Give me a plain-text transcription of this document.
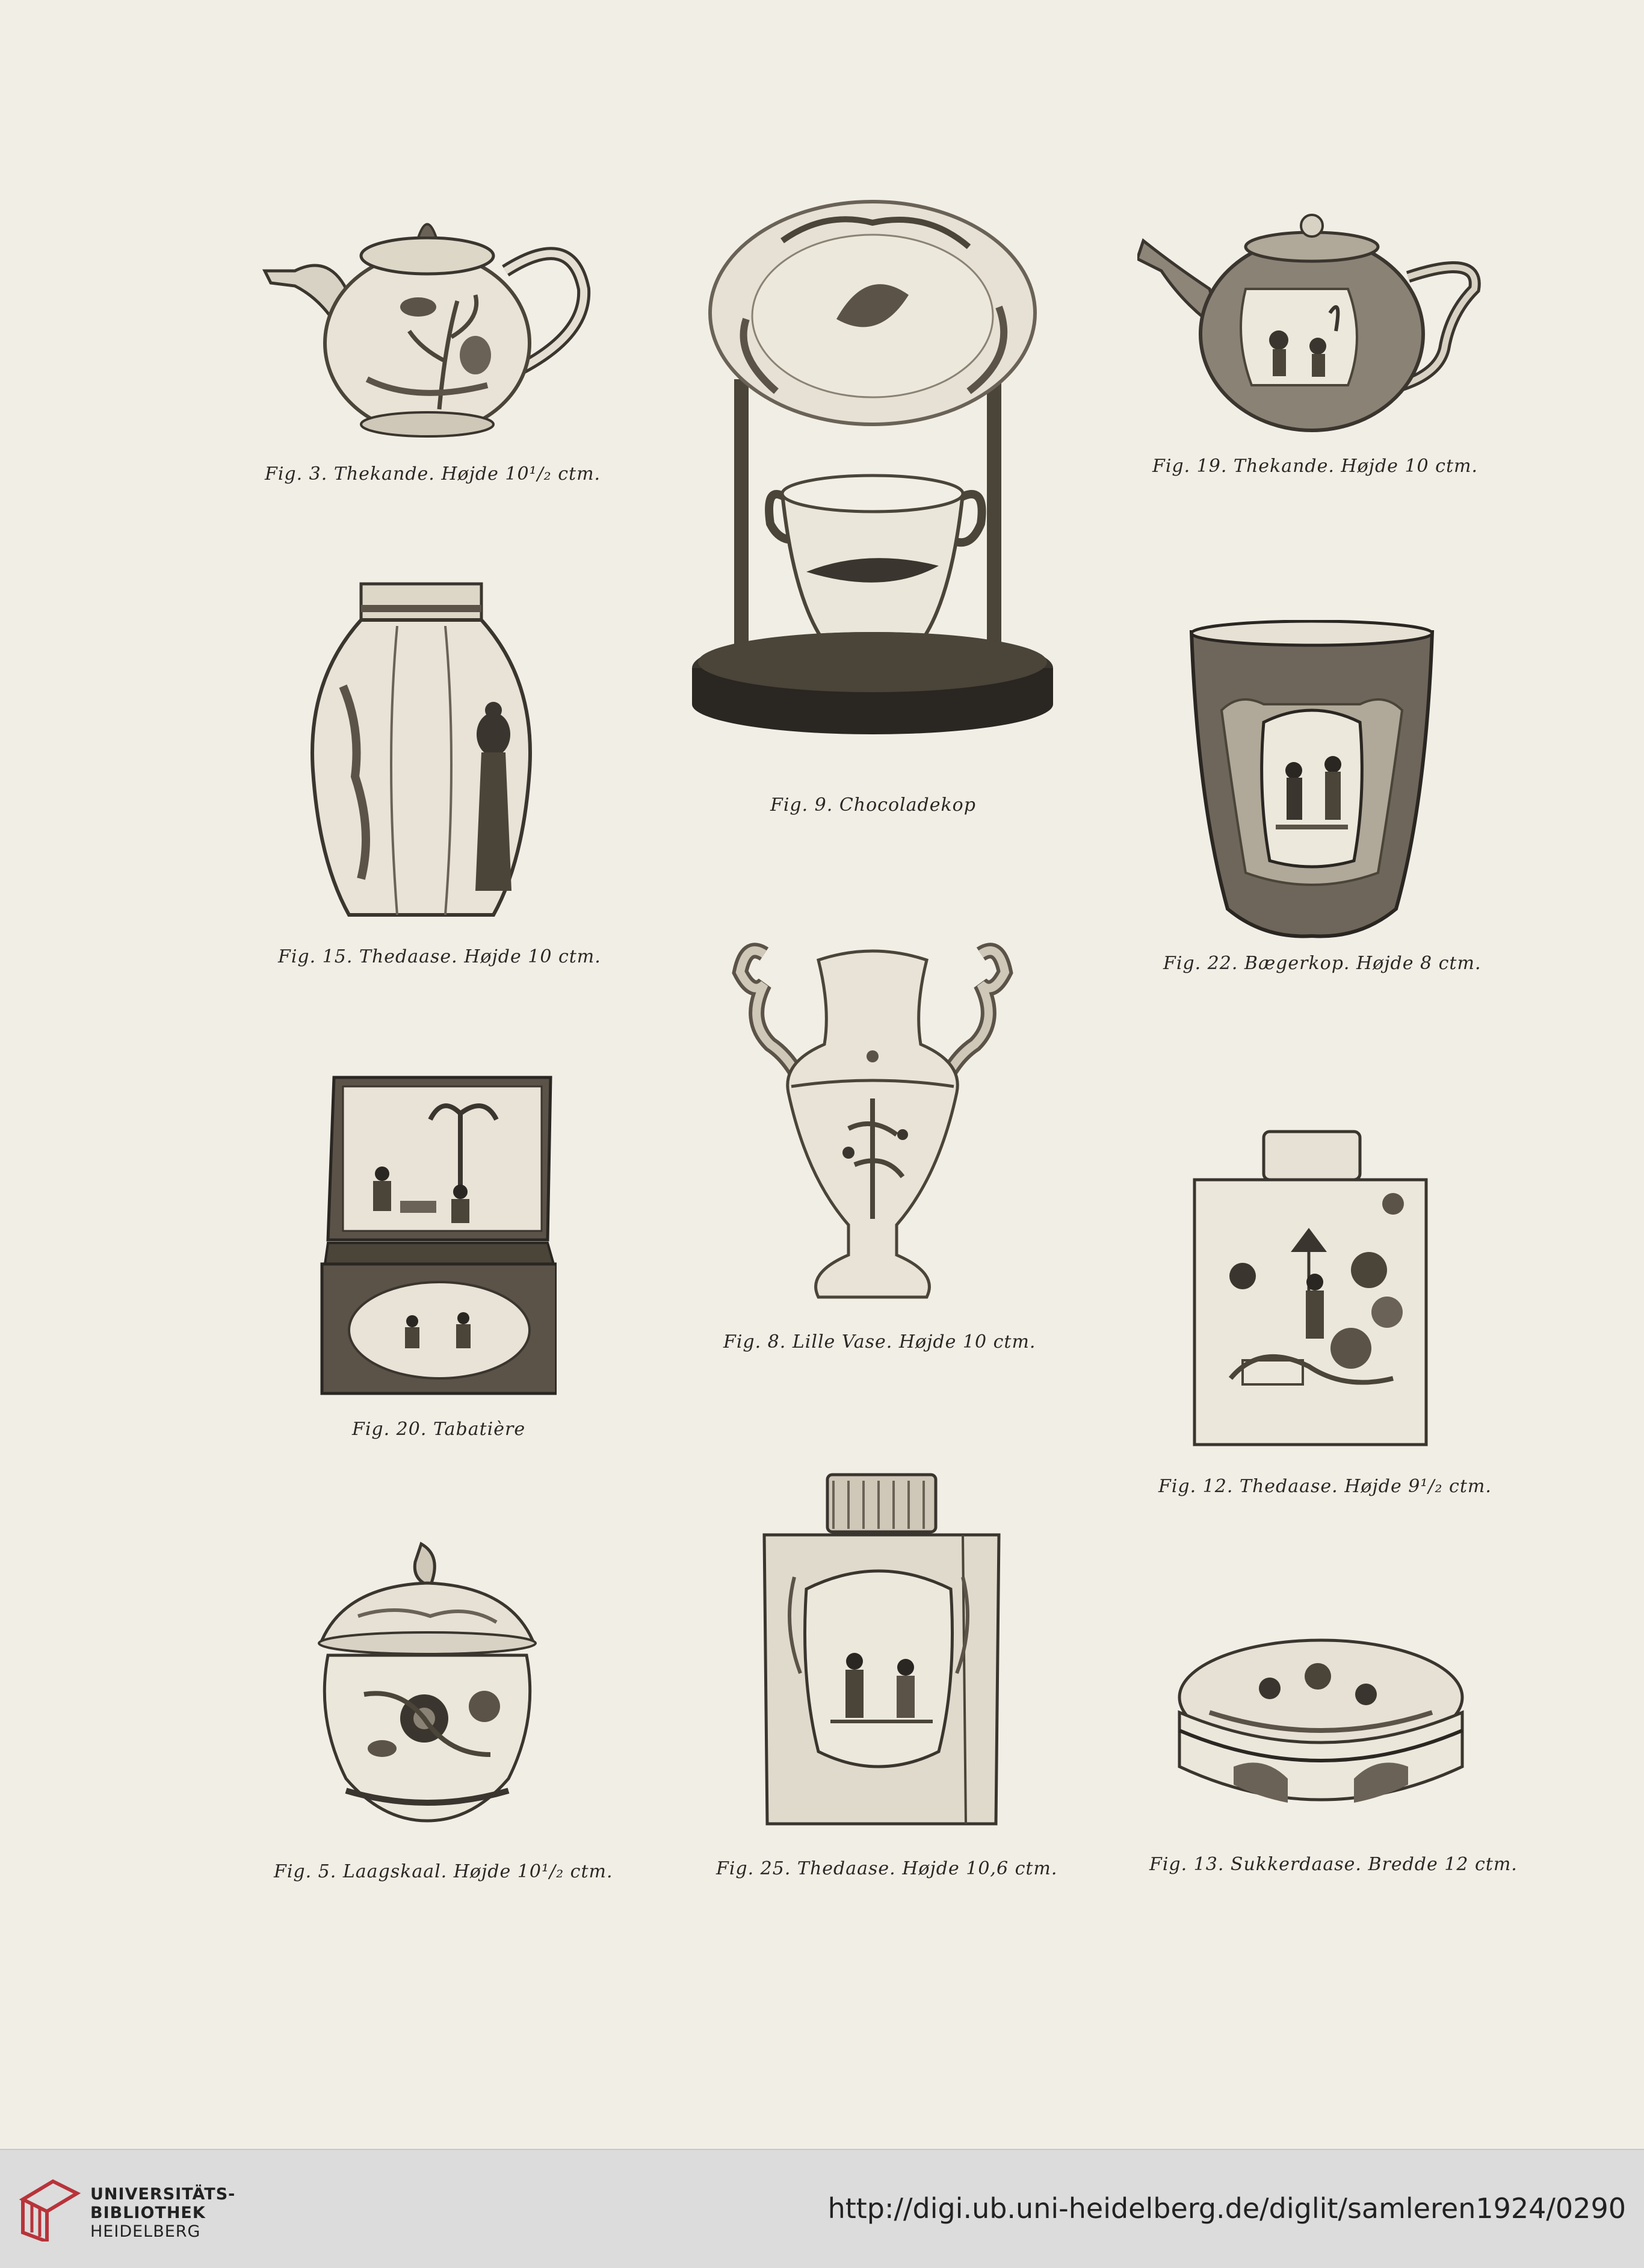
Fig. 3. Thekande. Højde 10¹/₂ ctm.
Fig. 9. Chocoladekop
Fig. 19. Thekande. Højde 10 ctm.
Fig. 15. Thedaase. Højde 10 ctm.	Fig. 22. Bægerkop. Højde 8 ctm.
Fig. 8. Lille Vase. Højde 10 ctm.
Fig. 20. Tabatière
Fig. 12. Thedaase. Højde 9¹/₂ ctm.
Fig. 5. Laagskaal. Højde 10¹/₂ ctm.	Fig. 25. Thedaase. Højde 10,6 ctm.	Fig. 13. Sukkerdaase. Bredde 12 ctm.
UNIVERSITÄTS-
BIBLIOTHEK
HEIDELBERG
http://digi.ub.uni-heidelberg.de/diglit/samleren1924/0290
